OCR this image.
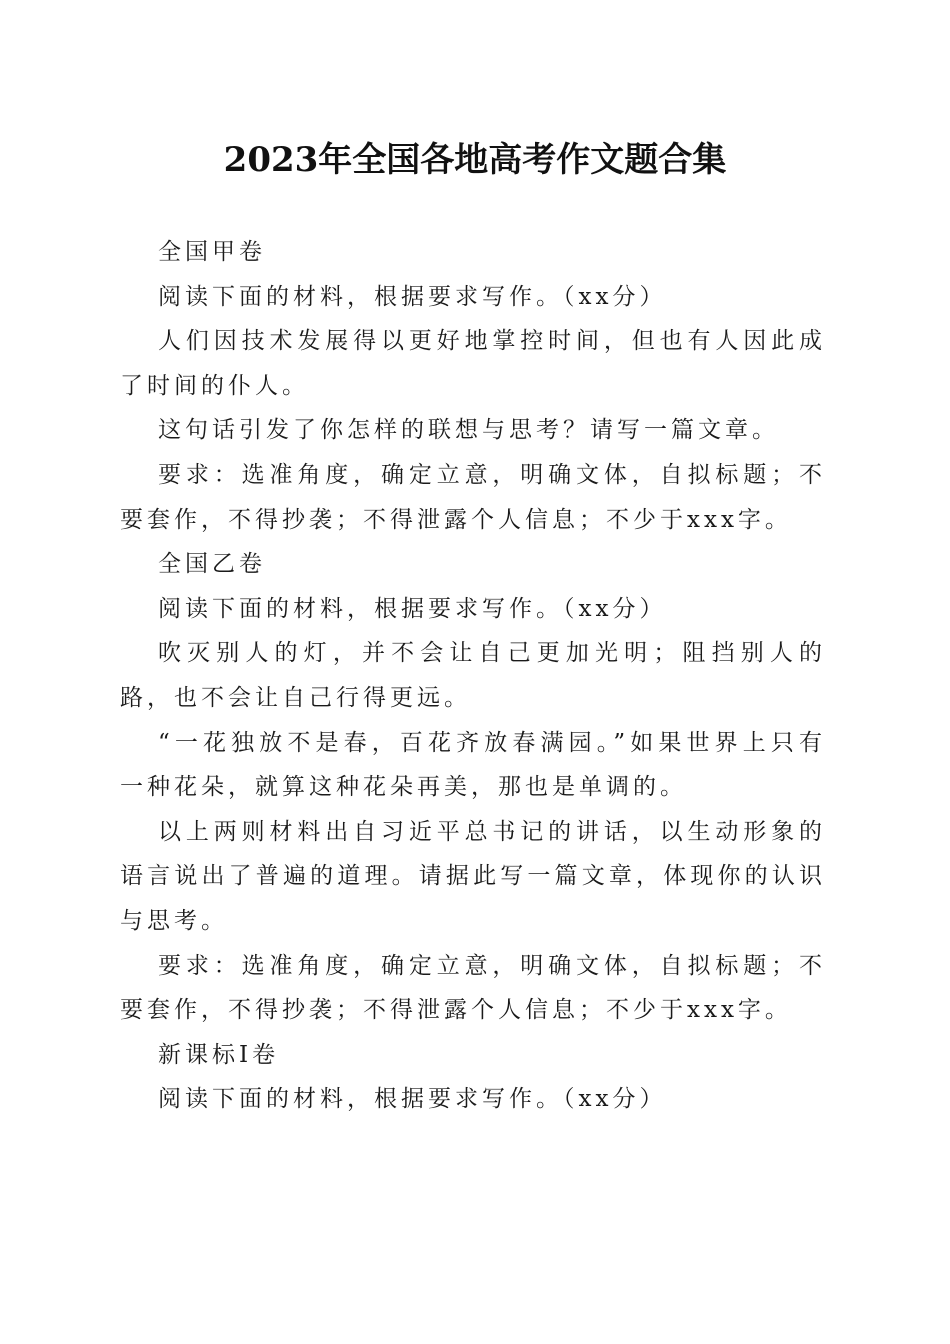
2023年全国各地高考作文题合集

全国甲卷

阅读下面的材料，根据要求写作。（xx分）

人们因技术发展得以更好地掌控时间，但也有人因此成了时间的仆人。

这句话引发了你怎样的联想与思考？请写一篇文章。

要求：选准角度，确定立意，明确文体，自拟标题；不要套作，不得抄袭；不得泄露个人信息；不少于xxx字。

全国乙卷

阅读下面的材料，根据要求写作。（xx分）

吹灭别人的灯，并不会让自己更加光明；阻挡别人的路，也不会让自己行得更远。

“一花独放不是春，百花齐放春满园。”如果世界上只有一种花朵，就算这种花朵再美，那也是单调的。

以上两则材料出自习近平总书记的讲话，以生动形象的语言说出了普遍的道理。请据此写一篇文章，体现你的认识与思考。

要求：选准角度，确定立意，明确文体，自拟标题；不要套作，不得抄袭；不得泄露个人信息；不少于xxx字。

新课标I卷

阅读下面的材料，根据要求写作。（xx分）
